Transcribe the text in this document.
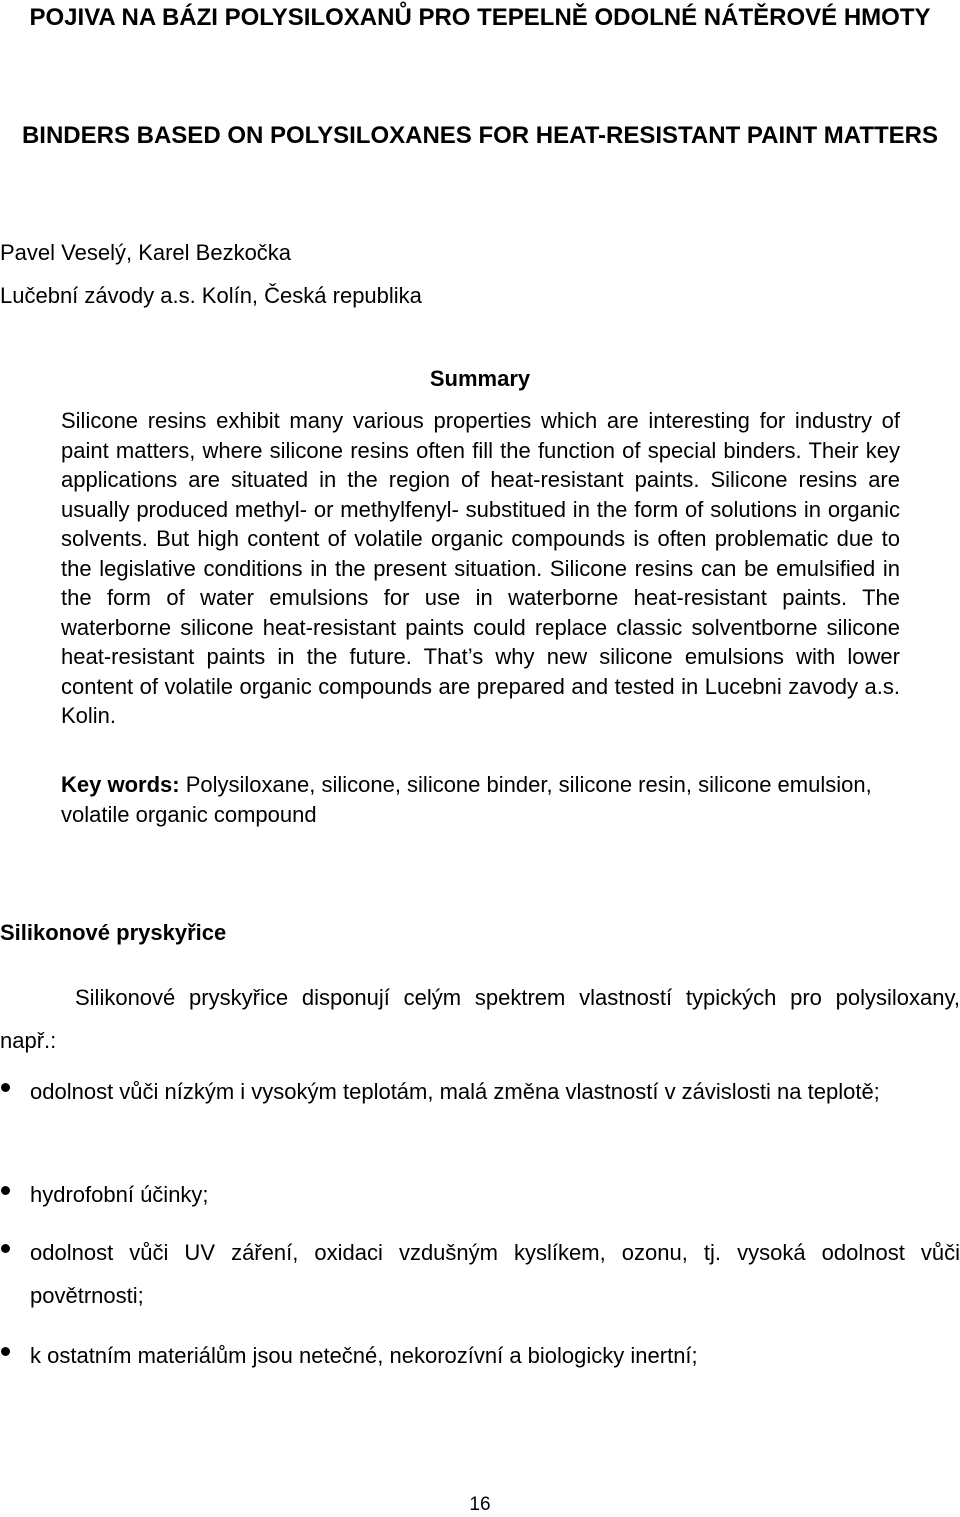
POJIVA NA BÁZI POLYSILOXANŮ PRO TEPELNĚ ODOLNÉ NÁTĚROVÉ HMOTY
BINDERS BASED ON POLYSILOXANES FOR HEAT-RESISTANT PAINT MATTERS
Pavel Veselý, Karel Bezkočka
Lučební závody a.s. Kolín, Česká republika
Summary

Silicone resins exhibit many various properties which are interesting for industry of paint matters, where silicone resins often fill the function of special binders. Their key applications are situated in the region of heat-resistant paints. Silicone resins are usually produced methyl- or methylfenyl- substitued in the form of solutions in organic solvents. But high content of volatile organic compounds is often problematic due to the legislative conditions in the present situation. Silicone resins can be emulsified in the form of water emulsions for use in waterborne heat-resistant paints. The waterborne silicone heat-resistant paints could replace classic solventborne silicone heat-resistant paints in the future. That’s why new silicone emulsions with lower content of volatile organic compounds are prepared and tested in Lucebni zavody a.s. Kolin.

Key words: Polysiloxane, silicone, silicone binder, silicone resin, silicone emulsion, volatile organic compound

Silikonové pryskyřice

Silikonové pryskyřice disponují celým spektrem vlastností typických pro polysiloxany, např.:

odolnost vůči nízkým i vysokým teplotám, malá změna vlastností v závislosti na teplotě;
hydrofobní účinky;
odolnost vůči UV záření, oxidaci vzdušným kyslíkem, ozonu, tj. vysoká odolnost vůči povětrnosti;
k ostatním materiálům jsou netečné, nekorozívní a biologicky inertní;
16
